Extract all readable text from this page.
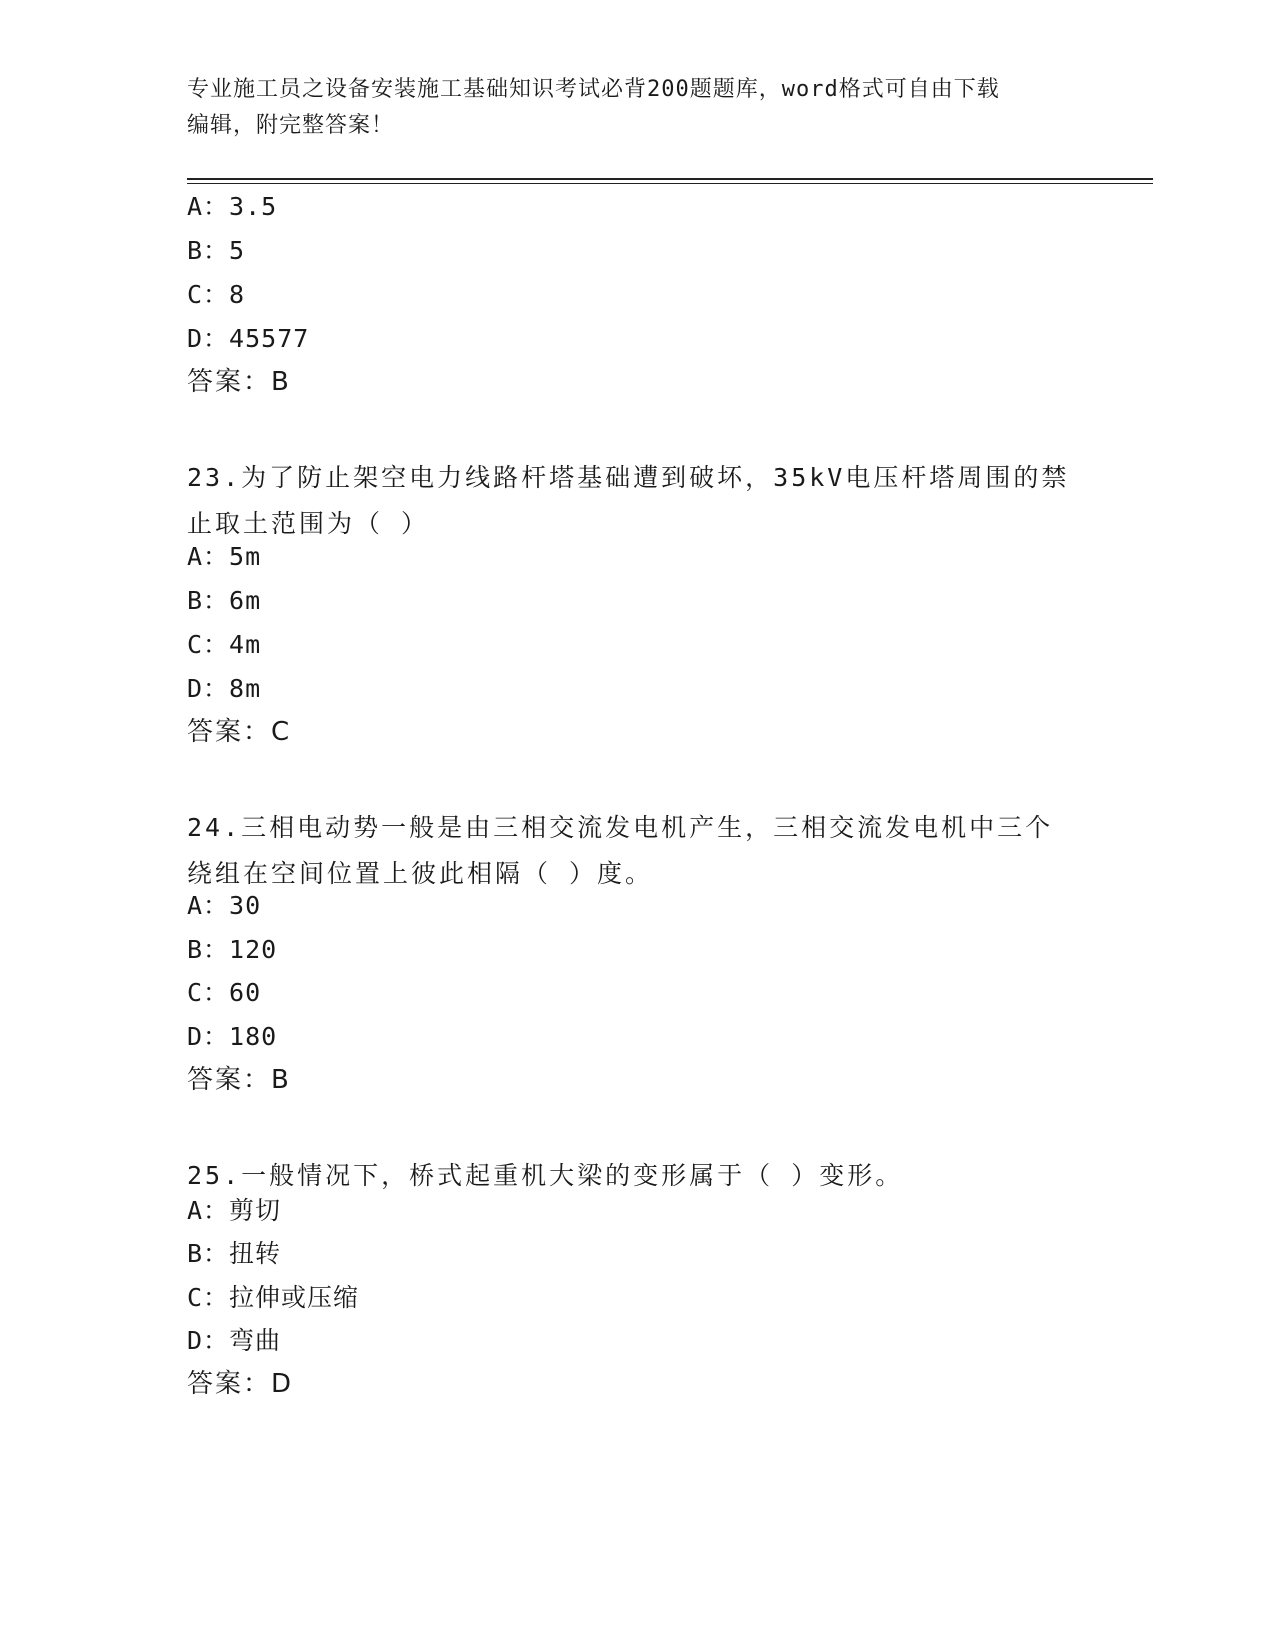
专业施工员之设备安装施工基础知识考试必背200题题库，word格式可自由下载
编辑，附完整答案！
A：3.5
B：5
C：8
D：45577
答案：B
23.为了防止架空电力线路杆塔基础遭到破坏，35kV电压杆塔周围的禁
止取土范围为（ ）
A：5m
B：6m
C：4m
D：8m
答案：C
24.三相电动势一般是由三相交流发电机产生，三相交流发电机中三个
绕组在空间位置上彼此相隔（ ）度。
A：30
B：120
C：60
D：180
答案：B
25.一般情况下，桥式起重机大梁的变形属于（ ）变形。
A：剪切
B：扭转
C：拉伸或压缩
D：弯曲
答案：D
